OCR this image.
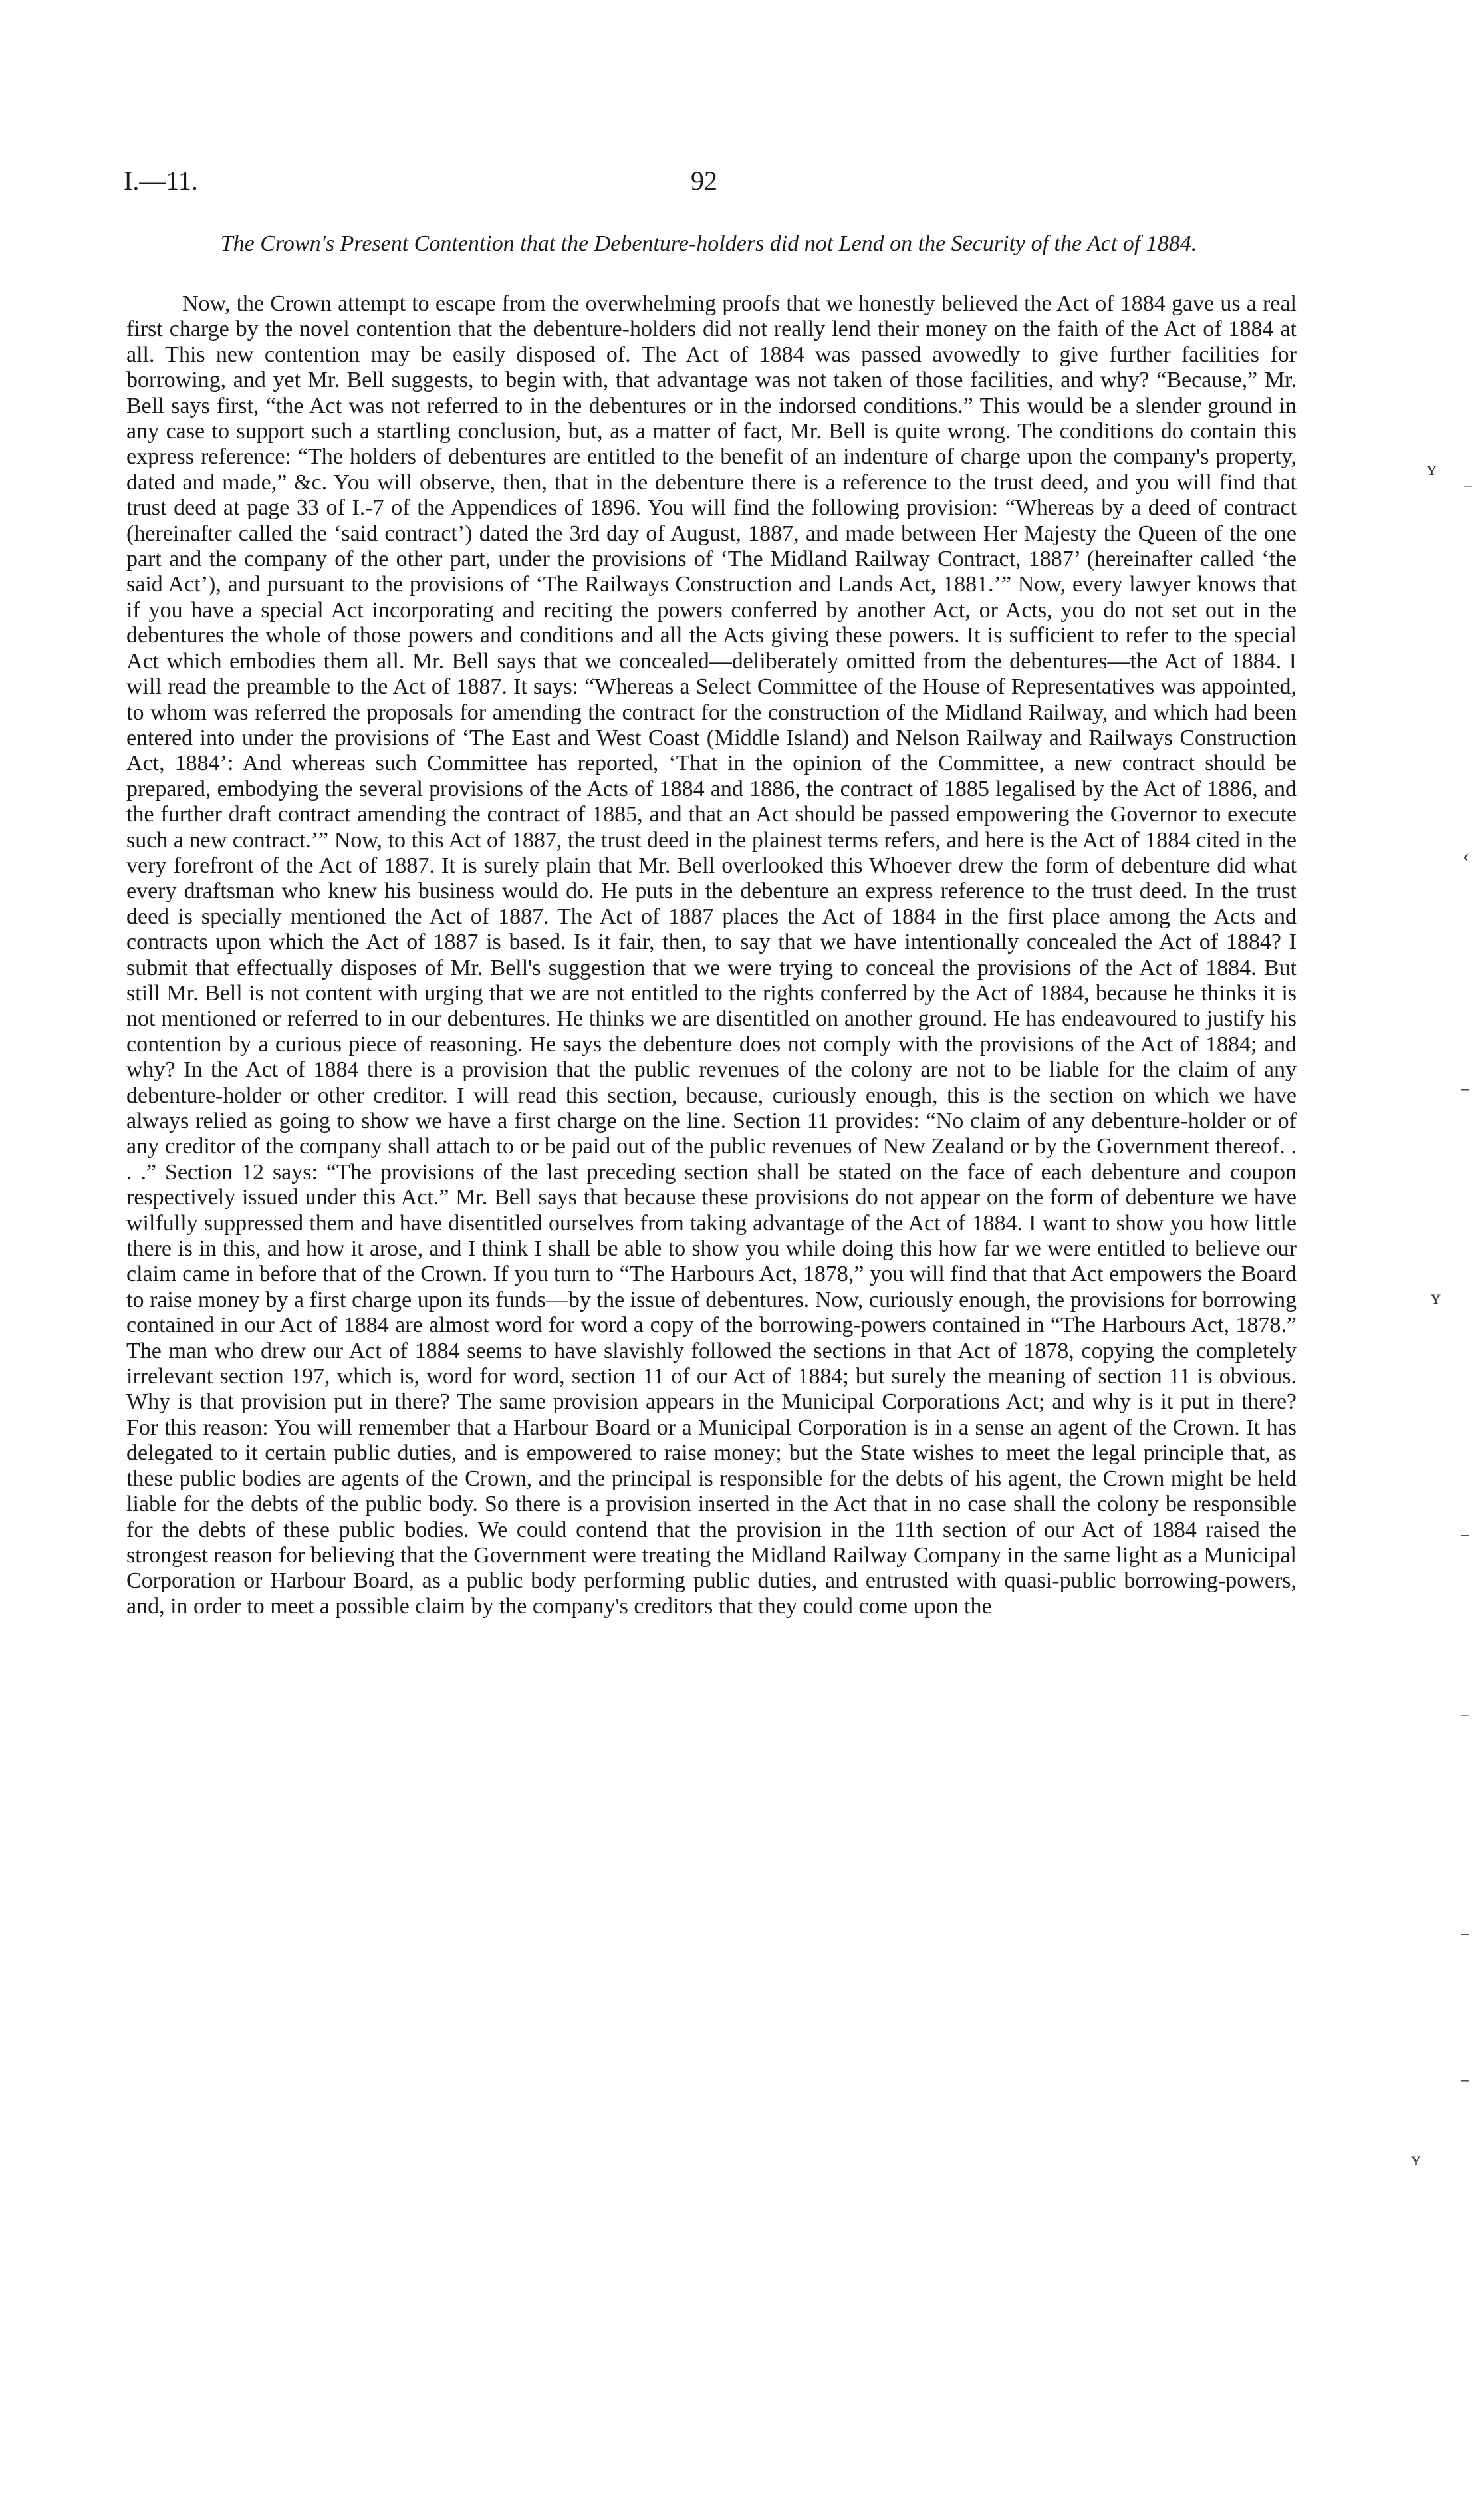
I.—11.	92
The Crown's Present Contention that the Debenture-holders did not Lend on the Security of the Act of 1884.

Now, the Crown attempt to escape from the overwhelming proofs that we honestly believed the Act of 1884 gave us a real first charge by the novel contention that the debenture-holders did not really lend their money on the faith of the Act of 1884 at all. This new contention may be easily disposed of. The Act of 1884 was passed avowedly to give further facilities for borrowing, and yet Mr. Bell suggests, to begin with, that advantage was not taken of those facilities, and why? “Because,” Mr. Bell says first, “the Act was not referred to in the debentures or in the indorsed conditions.” This would be a slender ground in any case to support such a startling conclusion, but, as a matter of fact, Mr. Bell is quite wrong. The conditions do contain this express reference: “The holders of debentures are entitled to the benefit of an indenture of charge upon the company's property, dated and made,” &c. You will observe, then, that in the debenture there is a reference to the trust deed, and you will find that trust deed at page 33 of I.-7 of the Appendices of 1896. You will find the following provision: “Whereas by a deed of contract (hereinafter called the ‘said contract’) dated the 3rd day of August, 1887, and made between Her Majesty the Queen of the one part and the company of the other part, under the provisions of ‘The Midland Railway Contract, 1887’ (hereinafter called ‘the said Act’), and pursuant to the provisions of ‘The Railways Construction and Lands Act, 1881.’” Now, every lawyer knows that if you have a special Act incorporating and reciting the powers conferred by another Act, or Acts, you do not set out in the debentures the whole of those powers and conditions and all the Acts giving these powers. It is sufficient to refer to the special Act which embodies them all. Mr. Bell says that we concealed—deliberately omitted from the debentures—the Act of 1884. I will read the preamble to the Act of 1887. It says: “Whereas a Select Committee of the House of Representatives was appointed, to whom was referred the proposals for amending the contract for the construction of the Midland Railway, and which had been entered into under the provisions of ‘The East and West Coast (Middle Island) and Nelson Railway and Railways Construction Act, 1884’: And whereas such Committee has reported, ‘That in the opinion of the Committee, a new contract should be prepared, embodying the several provisions of the Acts of 1884 and 1886, the contract of 1885 legalised by the Act of 1886, and the further draft contract amending the contract of 1885, and that an Act should be passed empowering the Governor to execute such a new contract.’” Now, to this Act of 1887, the trust deed in the plainest terms refers, and here is the Act of 1884 cited in the very forefront of the Act of 1887. It is surely plain that Mr. Bell overlooked this Whoever drew the form of debenture did what every draftsman who knew his business would do. He puts in the debenture an express reference to the trust deed. In the trust deed is specially mentioned the Act of 1887. The Act of 1887 places the Act of 1884 in the first place among the Acts and contracts upon which the Act of 1887 is based. Is it fair, then, to say that we have intentionally concealed the Act of 1884? I submit that effectually disposes of Mr. Bell's suggestion that we were trying to conceal the provisions of the Act of 1884. But still Mr. Bell is not content with urging that we are not entitled to the rights conferred by the Act of 1884, because he thinks it is not mentioned or referred to in our debentures. He thinks we are disentitled on another ground. He has endeavoured to justify his contention by a curious piece of reasoning. He says the debenture does not comply with the provisions of the Act of 1884; and why? In the Act of 1884 there is a provision that the public revenues of the colony are not to be liable for the claim of any debenture-holder or other creditor. I will read this section, because, curiously enough, this is the section on which we have always relied as going to show we have a first charge on the line. Section 11 provides: “No claim of any debenture-holder or of any creditor of the company shall attach to or be paid out of the public revenues of New Zealand or by the Government thereof. . . .” Section 12 says: “The provisions of the last preceding section shall be stated on the face of each debenture and coupon respectively issued under this Act.” Mr. Bell says that because these provisions do not appear on the form of debenture we have wilfully suppressed them and have disentitled ourselves from taking advantage of the Act of 1884. I want to show you how little there is in this, and how it arose, and I think I shall be able to show you while doing this how far we were entitled to believe our claim came in before that of the Crown. If you turn to “The Harbours Act, 1878,” you will find that that Act empowers the Board to raise money by a first charge upon its funds—by the issue of debentures. Now, curiously enough, the provisions for borrowing contained in our Act of 1884 are almost word for word a copy of the borrowing-powers contained in “The Harbours Act, 1878.” The man who drew our Act of 1884 seems to have slavishly followed the sections in that Act of 1878, copying the completely irrelevant section 197, which is, word for word, section 11 of our Act of 1884; but surely the meaning of section 11 is obvious. Why is that provision put in there? The same provision appears in the Municipal Corporations Act; and why is it put in there? For this reason: You will remember that a Harbour Board or a Municipal Corporation is in a sense an agent of the Crown. It has delegated to it certain public duties, and is empowered to raise money; but the State wishes to meet the legal principle that, as these public bodies are agents of the Crown, and the principal is responsible for the debts of his agent, the Crown might be held liable for the debts of the public body. So there is a provision inserted in the Act that in no case shall the colony be responsible for the debts of these public bodies. We could contend that the provision in the 11th section of our Act of 1884 raised the strongest reason for believing that the Government were treating the Midland Railway Company in the same light as a Municipal Corporation or Harbour Board, as a public body performing public duties, and entrusted with quasi-public borrowing-powers, and, in order to meet a possible claim by the company's creditors that they could come upon the

ʏ
⁻
‹
⁻
ʏ
⁻
⁻
⁻
⁻
ʏ
